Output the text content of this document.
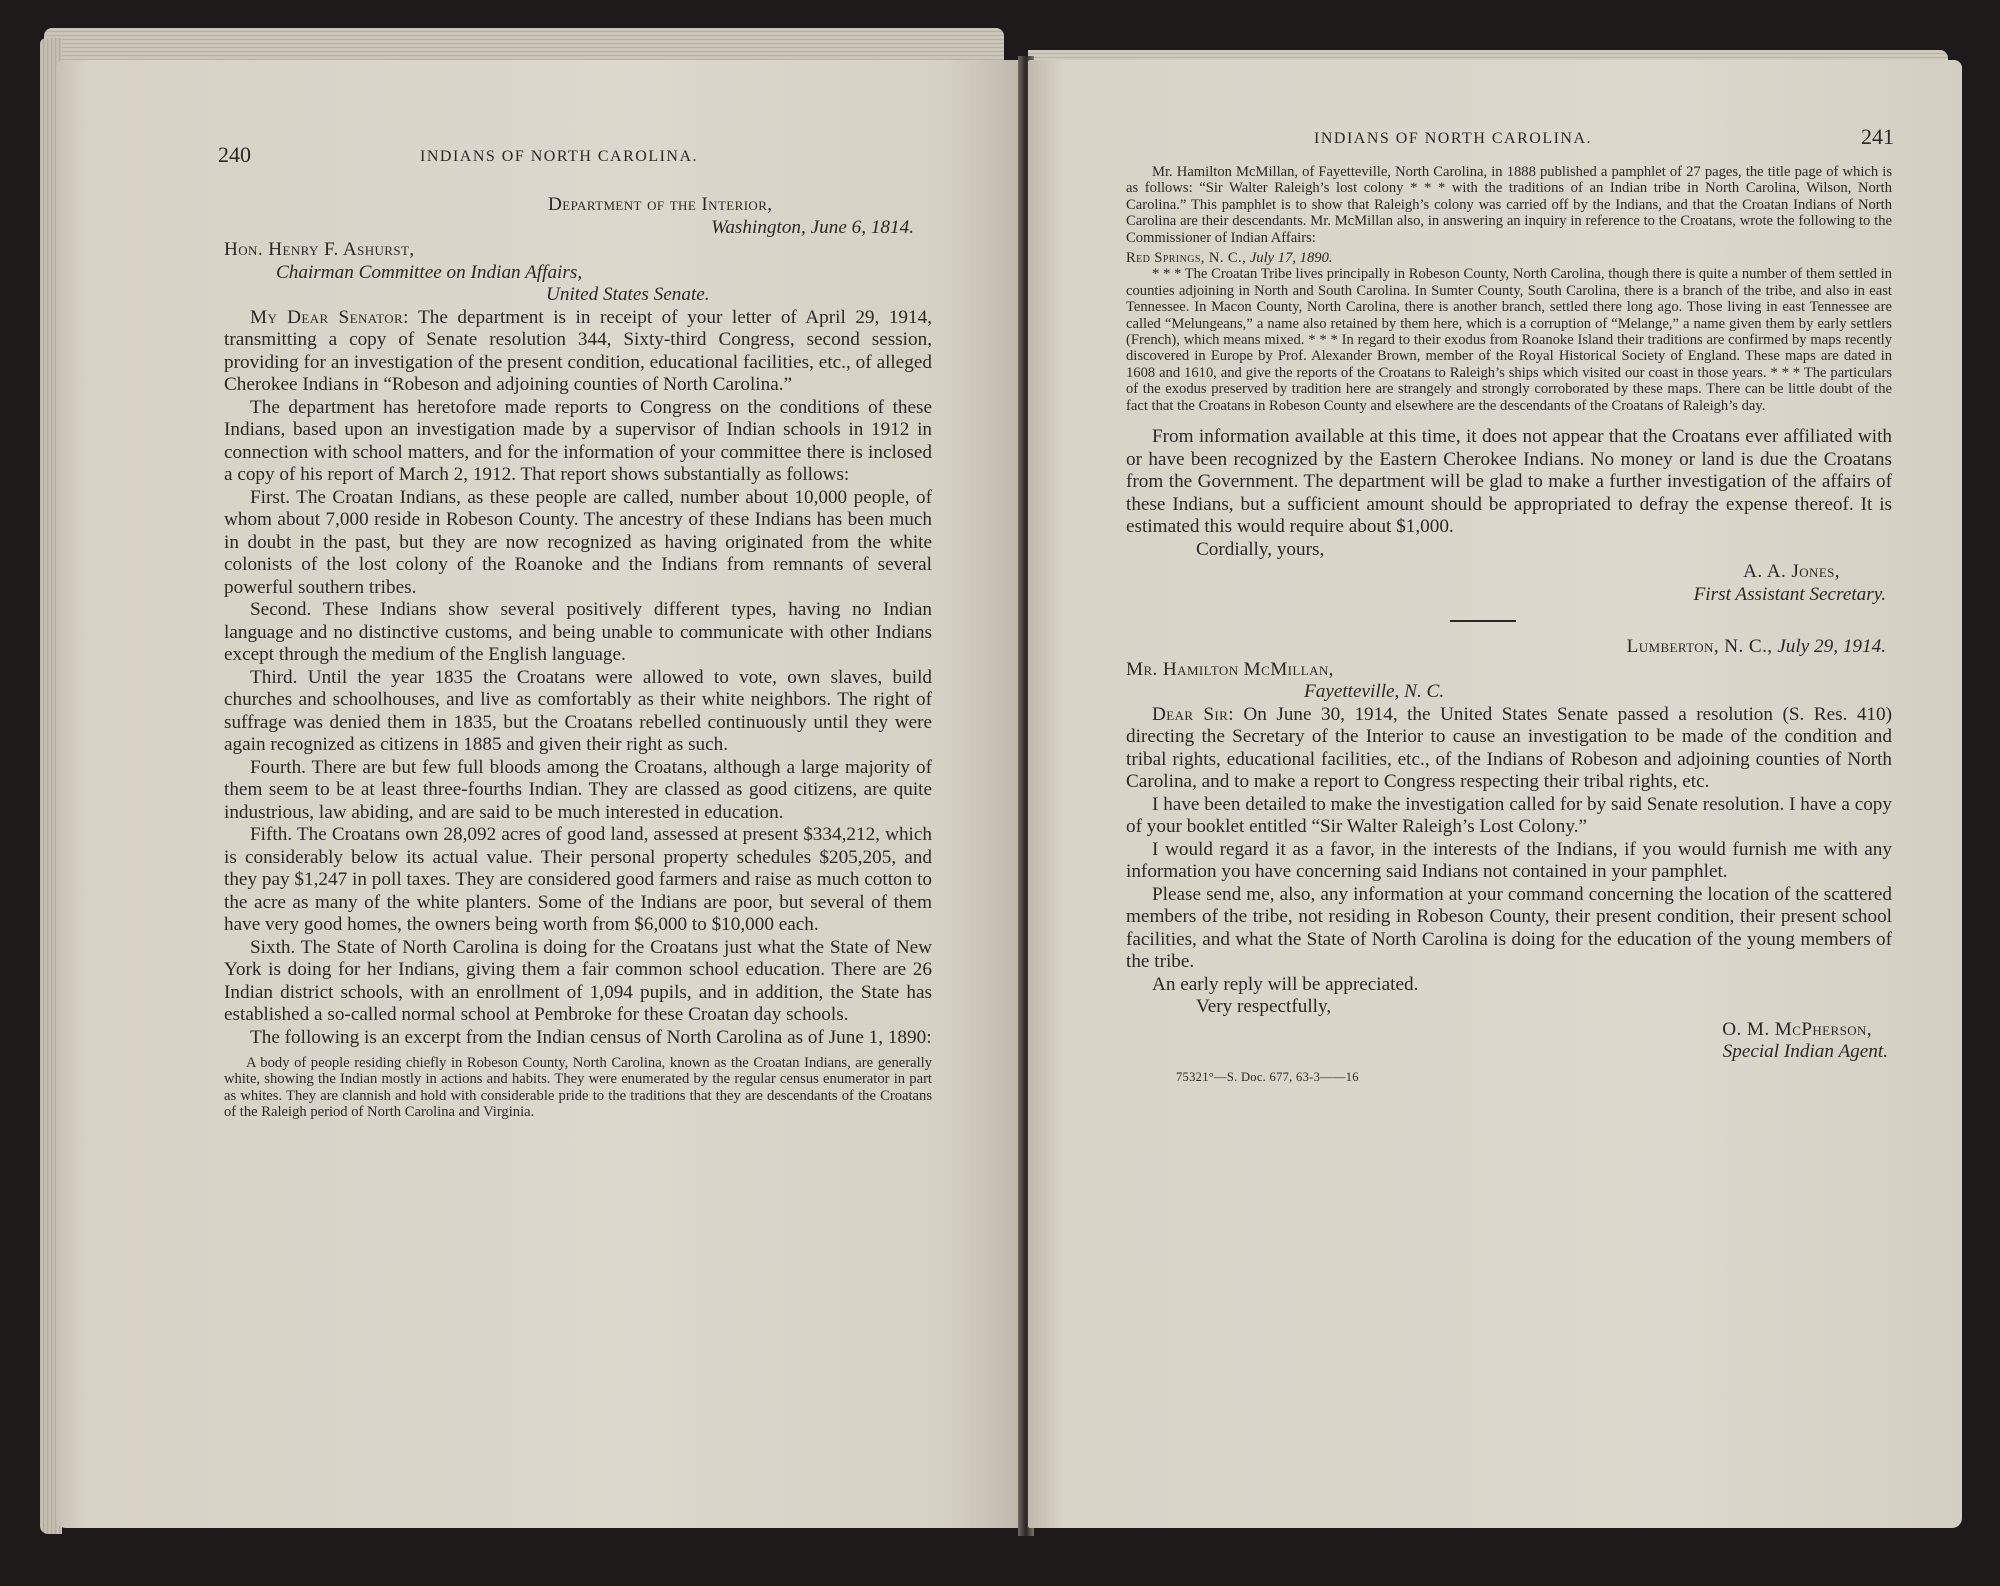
240	INDIANS OF NORTH CAROLINA.

Department of the Interior,

Washington, June 6, 1814.

Hon. Henry F. Ashurst,

Chairman Committee on Indian Affairs,

United States Senate.

My Dear Senator: The department is in receipt of your letter of April 29, 1914, transmitting a copy of Senate resolution 344, Sixty-third Congress, second session, providing for an investigation of the present condition, educational facilities, etc., of alleged Cherokee Indians in “Robeson and adjoining counties of North Carolina.”

The department has heretofore made reports to Congress on the conditions of these Indians, based upon an investigation made by a supervisor of Indian schools in 1912 in connection with school matters, and for the information of your committee there is inclosed a copy of his report of March 2, 1912. That report shows substantially as follows:

First. The Croatan Indians, as these people are called, number about 10,000 people, of whom about 7,000 reside in Robeson County. The ancestry of these Indians has been much in doubt in the past, but they are now recognized as having originated from the white colonists of the lost colony of the Roanoke and the Indians from remnants of several powerful southern tribes.

Second. These Indians show several positively different types, having no Indian language and no distinctive customs, and being unable to communicate with other Indians except through the medium of the English language.

Third. Until the year 1835 the Croatans were allowed to vote, own slaves, build churches and schoolhouses, and live as comfortably as their white neighbors. The right of suffrage was denied them in 1835, but the Croatans rebelled continuously until they were again recognized as citizens in 1885 and given their right as such.

Fourth. There are but few full bloods among the Croatans, although a large majority of them seem to be at least three-fourths Indian. They are classed as good citizens, are quite industrious, law abiding, and are said to be much interested in education.

Fifth. The Croatans own 28,092 acres of good land, assessed at present $334,212, which is considerably below its actual value. Their personal property schedules $205,205, and they pay $1,247 in poll taxes. They are considered good farmers and raise as much cotton to the acre as many of the white planters. Some of the Indians are poor, but several of them have very good homes, the owners being worth from $6,000 to $10,000 each.

Sixth. The State of North Carolina is doing for the Croatans just what the State of New York is doing for her Indians, giving them a fair common school education. There are 26 Indian district schools, with an enrollment of 1,094 pupils, and in addition, the State has established a so-called normal school at Pembroke for these Croatan day schools.

The following is an excerpt from the Indian census of North Carolina as of June 1, 1890:

A body of people residing chiefly in Robeson County, North Carolina, known as the Croatan Indians, are generally white, showing the Indian mostly in actions and habits. They were enumerated by the regular census enumerator in part as whites. They are clannish and hold with considerable pride to the traditions that they are descendants of the Croatans of the Raleigh period of North Carolina and Virginia.

INDIANS OF NORTH CAROLINA.	241

Mr. Hamilton McMillan, of Fayetteville, North Carolina, in 1888 published a pamphlet of 27 pages, the title page of which is as follows: “Sir Walter Raleigh’s lost colony * * * with the traditions of an Indian tribe in North Carolina, Wilson, North Carolina.” This pamphlet is to show that Raleigh’s colony was carried off by the Indians, and that the Croatan Indians of North Carolina are their descendants. Mr. McMillan also, in answering an inquiry in reference to the Croatans, wrote the following to the Commissioner of Indian Affairs:

Red Springs, N. C., July 17, 1890.

* * * The Croatan Tribe lives principally in Robeson County, North Carolina, though there is quite a number of them settled in counties adjoining in North and South Carolina. In Sumter County, South Carolina, there is a branch of the tribe, and also in east Tennessee. In Macon County, North Carolina, there is another branch, settled there long ago. Those living in east Tennessee are called “Melungeans,” a name also retained by them here, which is a corruption of “Melange,” a name given them by early settlers (French), which means mixed. * * * In regard to their exodus from Roanoke Island their traditions are confirmed by maps recently discovered in Europe by Prof. Alexander Brown, member of the Royal Historical Society of England. These maps are dated in 1608 and 1610, and give the reports of the Croatans to Raleigh’s ships which visited our coast in those years. * * * The particulars of the exodus preserved by tradition here are strangely and strongly corroborated by these maps. There can be little doubt of the fact that the Croatans in Robeson County and elsewhere are the descendants of the Croatans of Raleigh’s day.

From information available at this time, it does not appear that the Croatans ever affiliated with or have been recognized by the Eastern Cherokee Indians. No money or land is due the Croatans from the Government. The department will be glad to make a further investigation of the affairs of these Indians, but a sufficient amount should be appropriated to defray the expense thereof. It is estimated this would require about $1,000.

Cordially, yours,

A. A. Jones,

First Assistant Secretary.

Lumberton, N. C., July 29, 1914.

Mr. Hamilton McMillan,

Fayetteville, N. C.

Dear Sir: On June 30, 1914, the United States Senate passed a resolution (S. Res. 410) directing the Secretary of the Interior to cause an investigation to be made of the condition and tribal rights, educational facilities, etc., of the Indians of Robeson and adjoining counties of North Carolina, and to make a report to Congress respecting their tribal rights, etc.

I have been detailed to make the investigation called for by said Senate resolution. I have a copy of your booklet entitled “Sir Walter Raleigh’s Lost Colony.”

I would regard it as a favor, in the interests of the Indians, if you would furnish me with any information you have concerning said Indians not contained in your pamphlet.

Please send me, also, any information at your command concerning the location of the scattered members of the tribe, not residing in Robeson County, their present condition, their present school facilities, and what the State of North Carolina is doing for the education of the young members of the tribe.

An early reply will be appreciated.

Very respectfully,

O. M. McPherson,

Special Indian Agent.

75321°—S. Doc. 677, 63-3——16
